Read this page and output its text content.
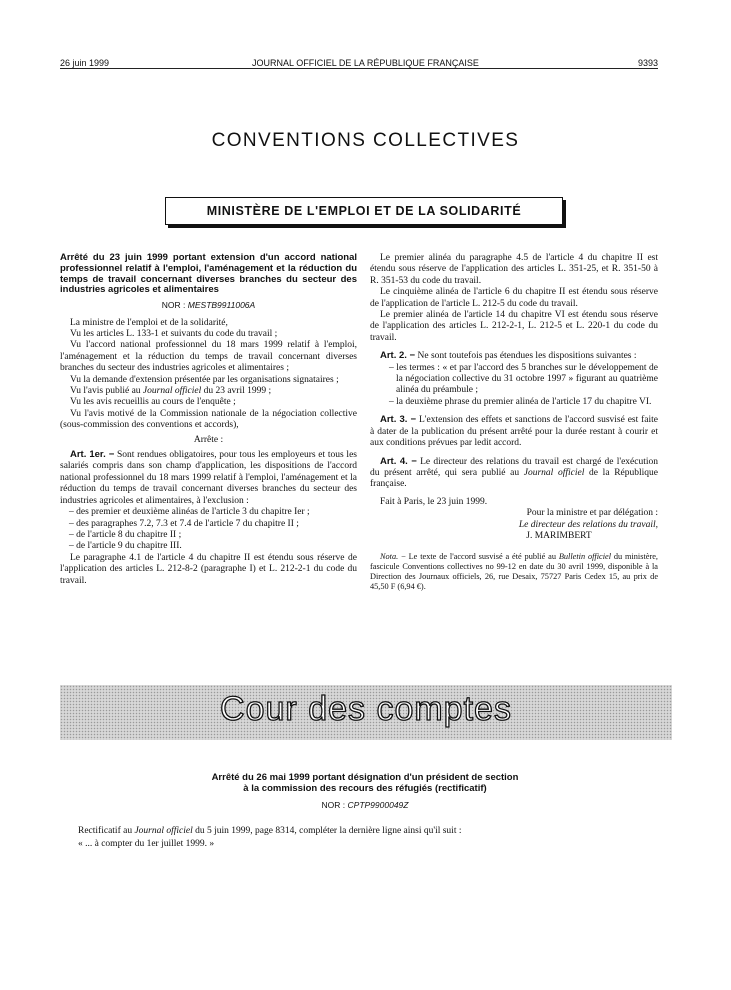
26 juin 1999	JOURNAL OFFICIEL DE LA RÉPUBLIQUE FRANÇAISE	9393
CONVENTIONS COLLECTIVES
MINISTÈRE DE L'EMPLOI ET DE LA SOLIDARITÉ
Arrêté du 23 juin 1999 portant extension d'un accord national professionnel relatif à l'emploi, l'aménagement et la réduction du temps de travail concernant diverses branches du secteur des industries agricoles et alimentaires
NOR : MESTB9911006A

La ministre de l'emploi et de la solidarité,

Vu les articles L. 133-1 et suivants du code du travail ;

Vu l'accord national professionnel du 18 mars 1999 relatif à l'emploi, l'aménagement et la réduction du temps de travail concernant diverses branches du secteur des industries agricoles et alimentaires ;

Vu la demande d'extension présentée par les organisations signataires ;

Vu l'avis publié au Journal officiel du 23 avril 1999 ;

Vu les avis recueillis au cours de l'enquête ;

Vu l'avis motivé de la Commission nationale de la négociation collective (sous-commission des conventions et accords),

Arrête :

Art. 1er. − Sont rendues obligatoires, pour tous les employeurs et tous les salariés compris dans son champ d'application, les dispositions de l'accord national professionnel du 18 mars 1999 relatif à l'emploi, l'aménagement et la réduction du temps de travail concernant diverses branches du secteur des industries agricoles et alimentaires, à l'exclusion :

– des premier et deuxième alinéas de l'article 3 du chapitre Ier ;
– des paragraphes 7.2, 7.3 et 7.4 de l'article 7 du chapitre II ;
– de l'article 8 du chapitre II ;
– de l'article 9 du chapitre III.

Le paragraphe 4.1 de l'article 4 du chapitre II est étendu sous réserve de l'application des articles L. 212-8-2 (paragraphe I) et L. 212-2-1 du code du travail.

Le premier alinéa du paragraphe 4.5 de l'article 4 du chapitre II est étendu sous réserve de l'application des articles L. 351-25, et R. 351-50 à R. 351-53 du code du travail.

Le cinquième alinéa de l'article 6 du chapitre II est étendu sous réserve de l'application de l'article L. 212-5 du code du travail.

Le premier alinéa de l'article 14 du chapitre VI est étendu sous réserve de l'application des articles L. 212-2-1, L. 212-5 et L. 220-1 du code du travail.

Art. 2. − Ne sont toutefois pas étendues les dispositions suivantes :

– les termes : « et par l'accord des 5 branches sur le développement de la négociation collective du 31 octobre 1997 » figurant au quatrième alinéa du préambule ;
– la deuxième phrase du premier alinéa de l'article 17 du chapitre VI.

Art. 3. − L'extension des effets et sanctions de l'accord susvisé est faite à dater de la publication du présent arrêté pour la durée restant à courir et aux conditions prévues par ledit accord.

Art. 4. − Le directeur des relations du travail est chargé de l'exécution du présent arrêté, qui sera publié au Journal officiel de la République française.

Fait à Paris, le 23 juin 1999.

Pour la ministre et par délégation :

Le directeur des relations du travail,

J. MARIMBERT

Nota. − Le texte de l'accord susvisé a été publié au Bulletin officiel du ministère, fascicule Conventions collectives no 99-12 en date du 30 avril 1999, disponible à la Direction des Journaux officiels, 26, rue Desaix, 75727 Paris Cedex 15, au prix de 45,50 F (6,94 €).

Cour des comptes
Arrêté du 26 mai 1999 portant désignation d'un président de section
à la commission des recours des réfugiés (rectificatif)
NOR : CPTP9900049Z

Rectificatif au Journal officiel du 5 juin 1999, page 8314, compléter la dernière ligne ainsi qu'il suit :

« ... à compter du 1er juillet 1999. »
